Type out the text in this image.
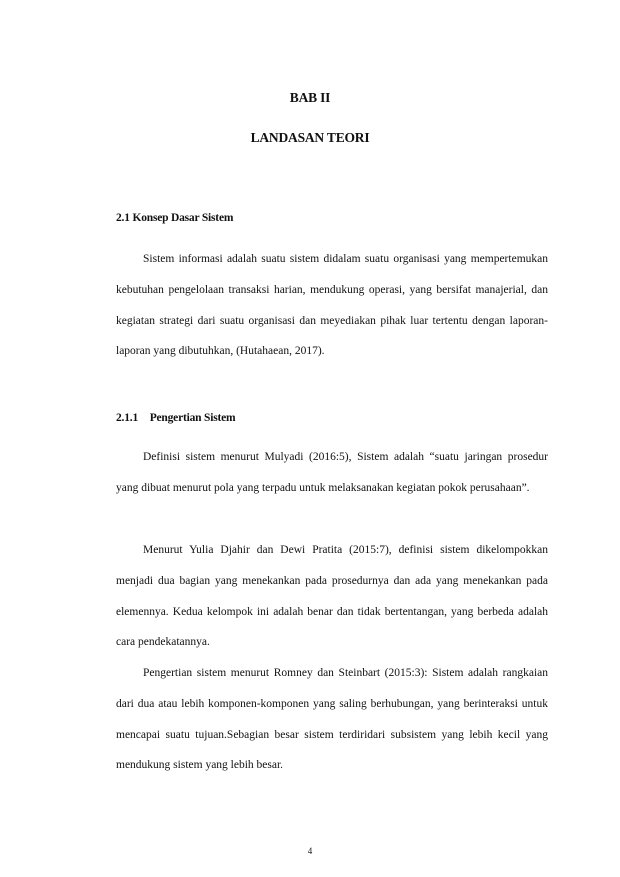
BAB II
LANDASAN TEORI
2.1 Konsep Dasar Sistem

Sistem informasi adalah suatu sistem didalam suatu organisasi yang mempertemukan kebutuhan pengelolaan transaksi harian, mendukung operasi, yang bersifat manajerial, dan kegiatan strategi dari suatu organisasi dan meyediakan pihak luar tertentu dengan laporan-laporan yang dibutuhkan, (Hutahaean, 2017).

2.1.1 Pengertian Sistem

Definisi sistem menurut Mulyadi (2016:5), Sistem adalah “suatu jaringan prosedur yang dibuat menurut pola yang terpadu untuk melaksanakan kegiatan pokok perusahaan”.

Menurut Yulia Djahir dan Dewi Pratita (2015:7), definisi sistem dikelompokkan menjadi dua bagian yang menekankan pada prosedurnya dan ada yang menekankan pada elemennya. Kedua kelompok ini adalah benar dan tidak bertentangan, yang berbeda adalah cara pendekatannya.

Pengertian sistem menurut Romney dan Steinbart (2015:3): Sistem adalah rangkaian dari dua atau lebih komponen-komponen yang saling berhubungan, yang berinteraksi untuk mencapai suatu tujuan.Sebagian besar sistem terdiridari subsistem yang lebih kecil yang mendukung sistem yang lebih besar.

4
